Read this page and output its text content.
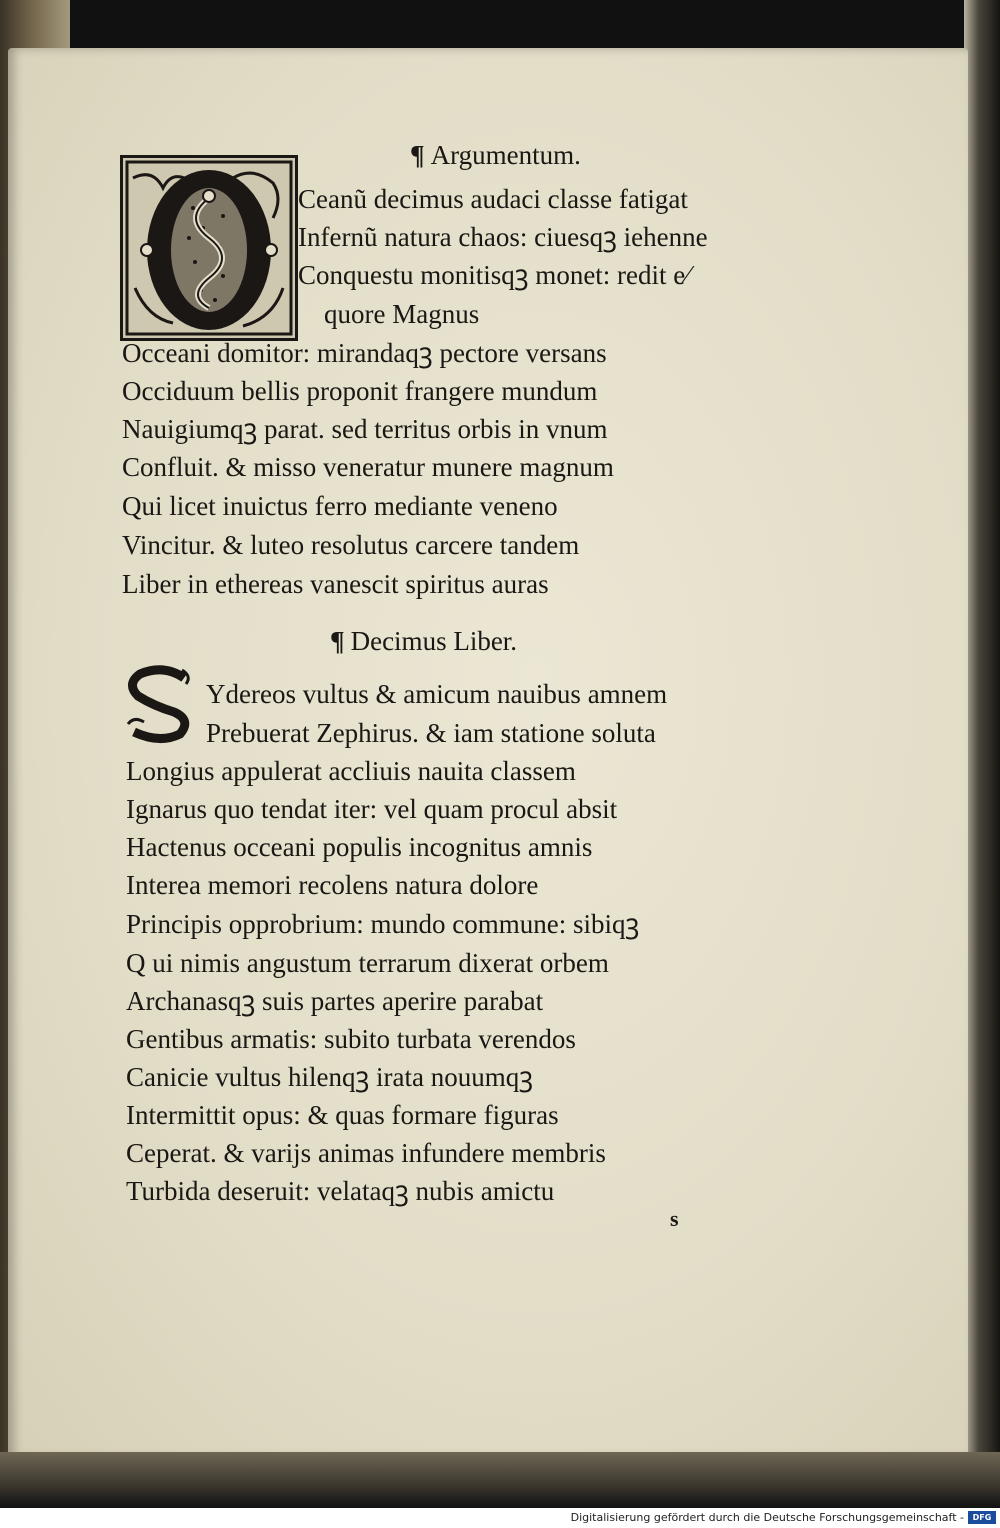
¶ Argumentum.
Ceanũ decimus audaci classe fatigat
Infernũ natura chaos: ciuesqꝫ iehenne
Conquestu monitisqꝫ monet: redit e⁄
quore Magnus
Occeani domitor: mirandaqꝫ pectore versans
Occiduum bellis proponit frangere mundum
Nauigiumqꝫ parat. sed territus orbis in vnum
Confluit. & misso veneratur munere magnum
Qui licet inuictus ferro mediante veneno
Vincitur. & luteo resolutus carcere tandem
Liber in ethereas vanescit spiritus auras
¶ Decimus Liber.
Ydereos vultus & amicum nauibus amnem
Prebuerat Zephirus. & iam statione soluta
Longius appulerat accliuis nauita classem
Ignarus quo tendat iter: vel quam procul absit
Hactenus occeani populis incognitus amnis
Interea memori recolens natura dolore
Principis opprobrium: mundo commune: sibiqꝫ
Q ui nimis angustum terrarum dixerat orbem
Archanasqꝫ suis partes aperire parabat
Gentibus armatis: subito turbata verendos
Canicie vultus hilenqꝫ irata nouumqꝫ
Intermittit opus: & quas formare figuras
Ceperat. & varijs animas infundere membris
Turbida deseruit: velataqꝫ nubis amictu
s
Digitalisierung gefördert durch die Deutsche Forschungsgemeinschaft -	DFG
